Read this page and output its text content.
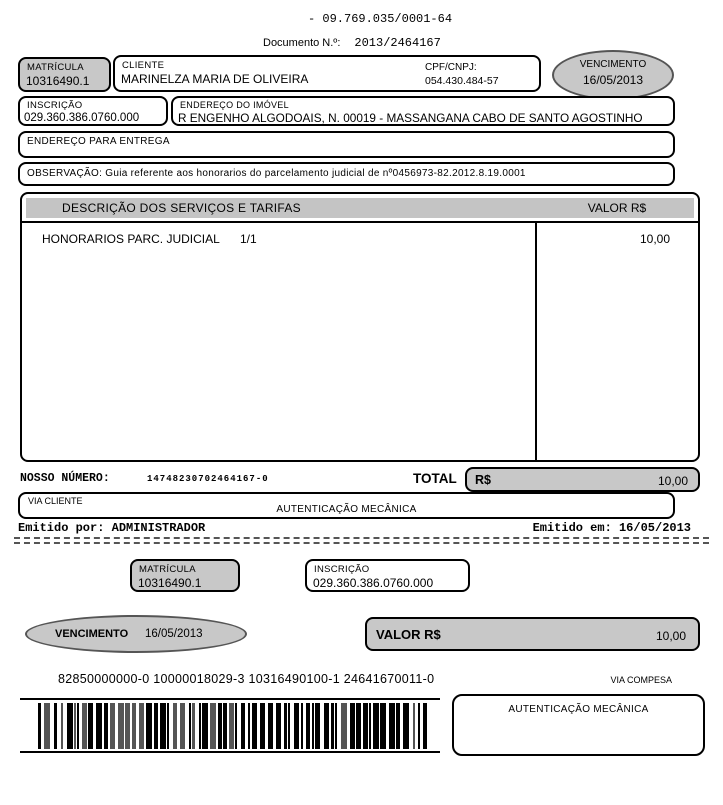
- 09.769.035/0001-64
Documento N.º: 2013/2464167
MATRÍCULA
10316490.1
CLIENTE
MARINELZA MARIA DE OLIVEIRA
CPF/CNPJ:
054.430.484-57
VENCIMENTO
16/05/2013
INSCRIÇÃO
029.360.386.0760.000
ENDEREÇO DO IMÓVEL
R ENGENHO ALGODOAIS, N. 00019 - MASSANGANA CABO DE SANTO AGOSTINHO
ENDEREÇO PARA ENTREGA
OBSERVAÇÃO: Guia referente aos honorarios do parcelamento judicial de nº0456973-82.2012.8.19.0001
DESCRIÇÃO DOS SERVIÇOS E TARIFAS	VALOR R$
HONORARIOS PARC. JUDICIAL 1/1	10,00
NOSSO NÚMERO:	14748230702464167-0	TOTAL R$	10,00
VIA CLIENTE
AUTENTICAÇÃO MECÂNICA
Emitido por: ADMINISTRADOR	Emitido em: 16/05/2013
MATRÍCULA
10316490.1
INSCRIÇÃO
029.360.386.0760.000
VENCIMENTO 16/05/2013	VALOR R$	10,00
82850000000-0 10000018029-3 10316490100-1 24641670011-0	VIA COMPESA
AUTENTICAÇÃO MECÂNICA
